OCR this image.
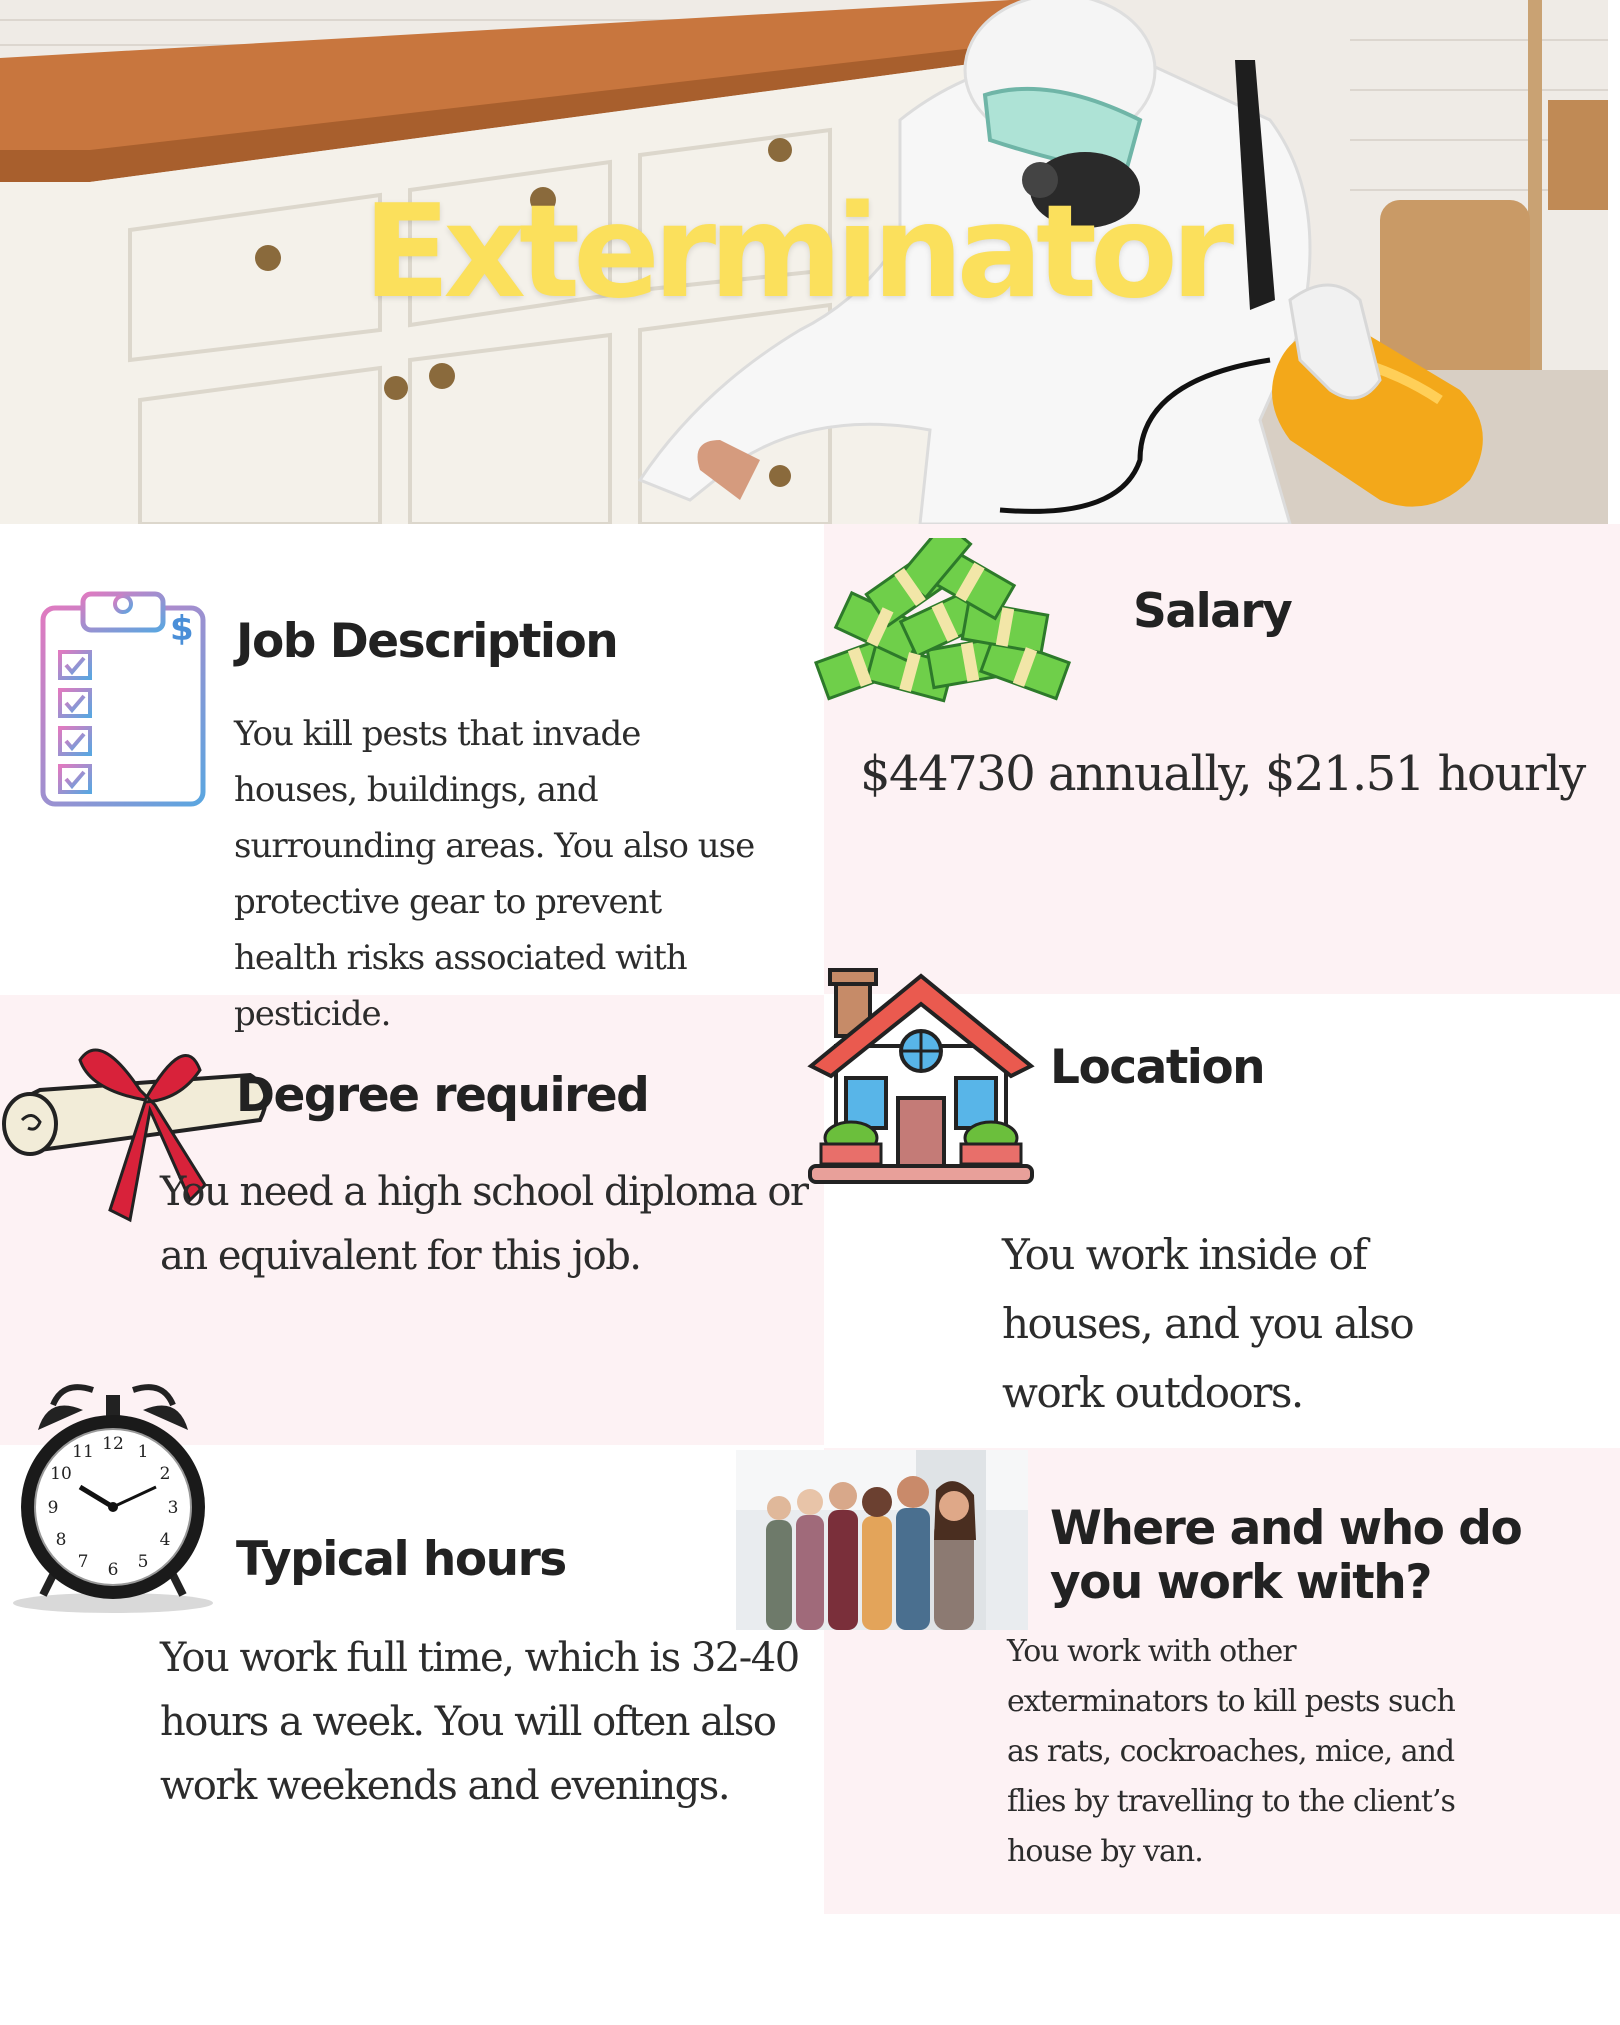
Exterminator
$ Job Description
You kill pests that invade
houses, buildings, and
surrounding areas. You also use
protective gear to prevent
health risks associated with
pesticide.
Salary
$44730 annually, $21.51 hourly
Degree required
You need a high school diploma or
an equivalent for this job.
Location
You work inside of
houses, and you also
work outdoors.
12 1
2
3
4
5
6
7
8
9
10
11
Typical hours
You work full time, which is 32-40
hours a week. You will often also
work weekends and evenings.
Where and who do
you work with?
You work with other
exterminators to kill pests such
as rats, cockroaches, mice, and
flies by travelling to the client’s
house by van.
